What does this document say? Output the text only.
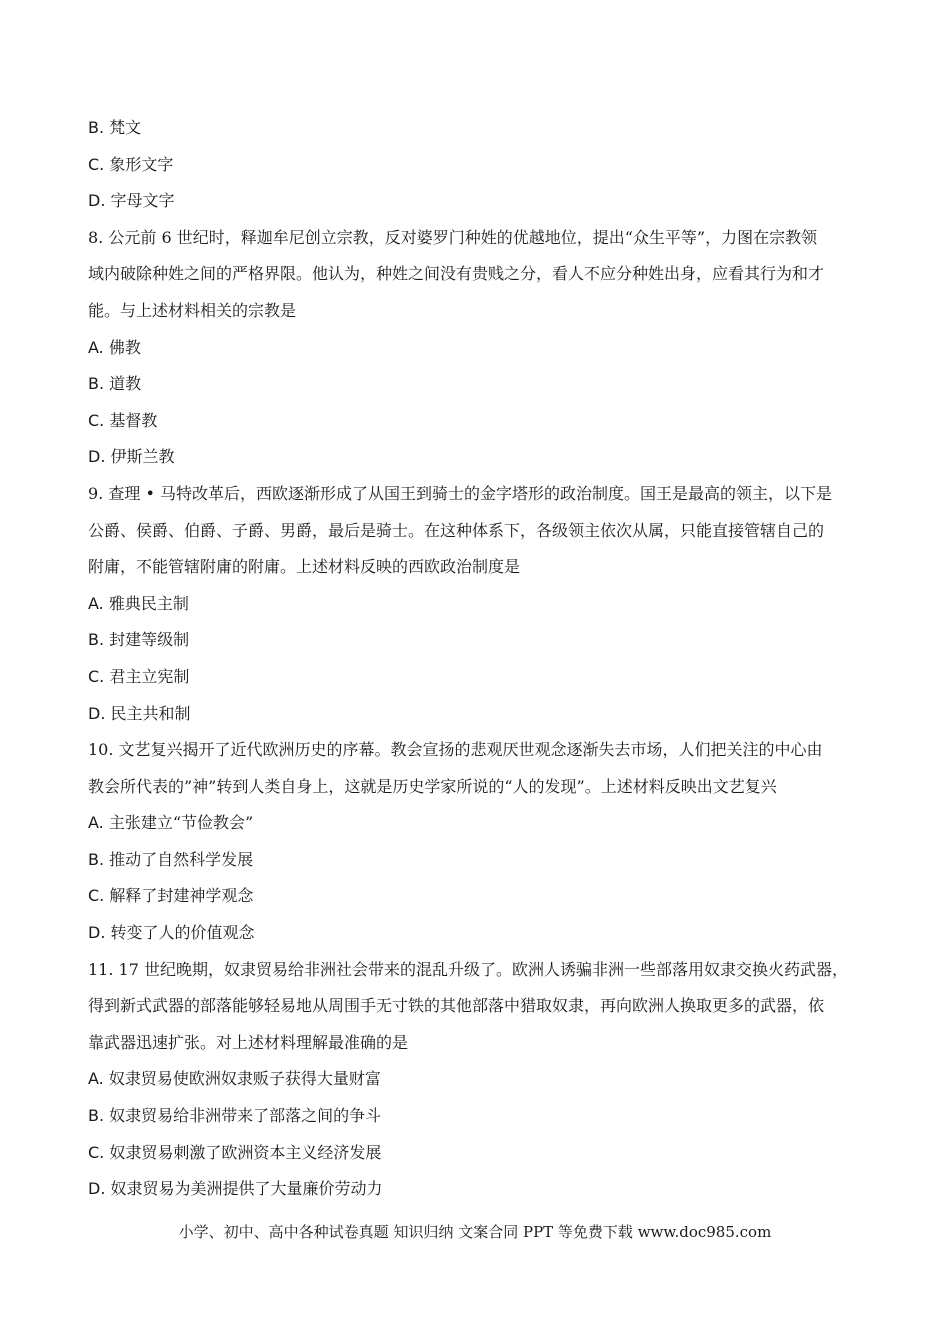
B. 梵文
C. 象形文字
D. 字母文字
8. 公元前 6 世纪时，释迦牟尼创立宗教，反对婆罗门种姓的优越地位，提出“众生平等”，力图在宗教领
域内破除种姓之间的严格界限。他认为，种姓之间没有贵贱之分，看人不应分种姓出身，应看其行为和才
能。与上述材料相关的宗教是
A. 佛教
B. 道教
C. 基督教
D. 伊斯兰教
9. 查理 • 马特改革后，西欧逐渐形成了从国王到骑士的金字塔形的政治制度。国王是最高的领主，以下是
公爵、侯爵、伯爵、子爵、男爵，最后是骑士。在这种体系下，各级领主依次从属，只能直接管辖自己的
附庸，不能管辖附庸的附庸。上述材料反映的西欧政治制度是
A. 雅典民主制
B. 封建等级制
C. 君主立宪制
D. 民主共和制
10. 文艺复兴揭开了近代欧洲历史的序幕。教会宣扬的悲观厌世观念逐渐失去市场，人们把关注的中心由
教会所代表的”神”转到人类自身上，这就是历史学家所说的“人的发现”。上述材料反映出文艺复兴
A. 主张建立“节俭教会”
B. 推动了自然科学发展
C. 解释了封建神学观念
D. 转变了人的价值观念
11. 17 世纪晚期，奴隶贸易给非洲社会带来的混乱升级了。欧洲人诱骗非洲一些部落用奴隶交换火药武器，
得到新式武器的部落能够轻易地从周围手无寸铁的其他部落中猎取奴隶，再向欧洲人换取更多的武器，依
靠武器迅速扩张。对上述材料理解最准确的是
A. 奴隶贸易使欧洲奴隶贩子获得大量财富
B. 奴隶贸易给非洲带来了部落之间的争斗
C. 奴隶贸易刺激了欧洲资本主义经济发展
D. 奴隶贸易为美洲提供了大量廉价劳动力
小学、初中、高中各种试卷真题 知识归纳 文案合同 PPT 等免费下载 www.doc985.com
